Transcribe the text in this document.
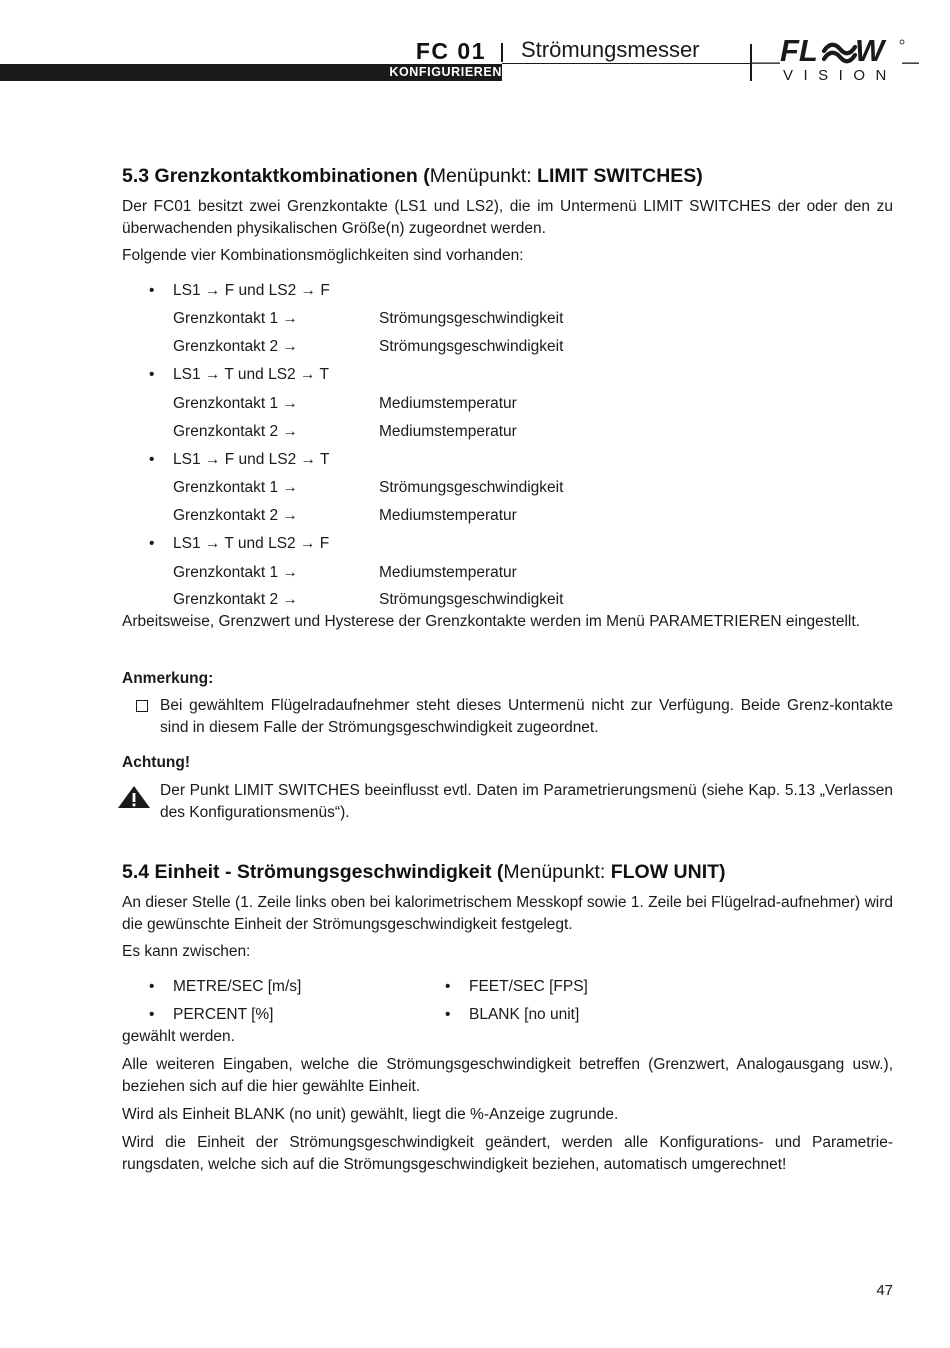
KONFIGURIEREN
FC 01 Strömungsmesser	FL W
VISION
5.3 Grenzkontaktkombinationen (Menüpunkt: LIMIT SWITCHES)
Der FC01 besitzt zwei Grenzkontakte (LS1 und LS2), die im Untermenü LIMIT SWITCHES der oder den zu überwachenden physikalischen Größe(n) zugeordnet werden.
Folgende vier Kombinationsmöglichkeiten sind vorhanden:
• LS1 → F und LS2 → F
Grenzkontakt 1 →	Strömungsgeschwindigkeit
Grenzkontakt 2 →	Strömungsgeschwindigkeit
• LS1 → T und LS2 → T
Grenzkontakt 1 →	Mediumstemperatur
Grenzkontakt 2 →	Mediumstemperatur
• LS1 → F und LS2 → T
Grenzkontakt 1 →	Strömungsgeschwindigkeit
Grenzkontakt 2 →	Mediumstemperatur
• LS1 → T und LS2 → F
Grenzkontakt 1 →	Mediumstemperatur
Grenzkontakt 2 →	Strömungsgeschwindigkeit
Arbeitsweise, Grenzwert und Hysterese der Grenzkontakte werden im Menü PARAMETRIEREN eingestellt.
Anmerkung:
Bei gewähltem Flügelradaufnehmer steht dieses Untermenü nicht zur Verfügung. Beide Grenz-kontakte sind in diesem Falle der Strömungsgeschwindigkeit zugeordnet.
Achtung!
Der Punkt LIMIT SWITCHES beeinflusst evtl. Daten im Parametrierungsmenü (siehe Kap. 5.13 „Verlassen des Konfigurationsmenüs“).
5.4 Einheit - Strömungsgeschwindigkeit (Menüpunkt: FLOW UNIT)
An dieser Stelle (1. Zeile links oben bei kalorimetrischem Messkopf sowie 1. Zeile bei Flügelrad-aufnehmer) wird die gewünschte Einheit der Strömungsgeschwindigkeit festgelegt.
Es kann zwischen:
• METRE/SEC [m/s]	• FEET/SEC [FPS]
• PERCENT [%]	• BLANK [no unit]
gewählt werden.
Alle weiteren Eingaben, welche die Strömungsgeschwindigkeit betreffen (Grenzwert, Analogausgang usw.), beziehen sich auf die hier gewählte Einheit.
Wird als Einheit BLANK (no unit) gewählt, liegt die %-Anzeige zugrunde.
Wird die Einheit der Strömungsgeschwindigkeit geändert, werden alle Konfigurations- und Parametrie-rungsdaten, welche sich auf die Strömungsgeschwindigkeit beziehen, automatisch umgerechnet!
47
